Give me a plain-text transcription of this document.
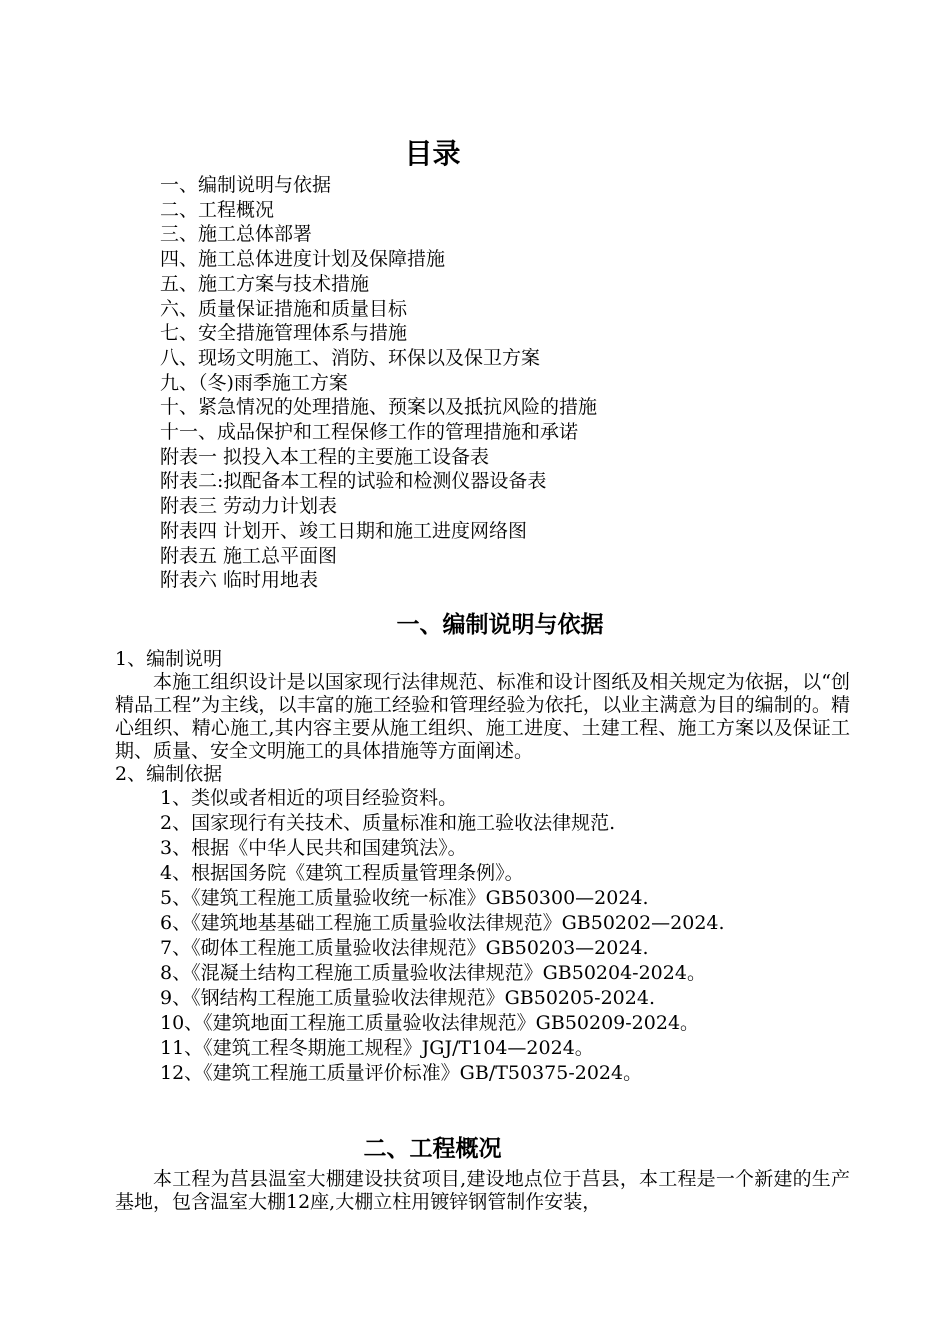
目录
一、编制说明与依据
二、工程概况
三、施工总体部署
四、施工总体进度计划及保障措施
五、施工方案与技术措施
六、质量保证措施和质量目标
七、安全措施管理体系与措施
八、现场文明施工、消防、环保以及保卫方案
九、（冬)雨季施工方案
十、紧急情况的处理措施、预案以及抵抗风险的措施
十一、成品保护和工程保修工作的管理措施和承诺
附表一 拟投入本工程的主要施工设备表
附表二:拟配备本工程的试验和检测仪器设备表
附表三 劳动力计划表
附表四 计划开、竣工日期和施工进度网络图
附表五 施工总平面图
附表六 临时用地表
一、编制说明与依据

1、编制说明

本施工组织设计是以国家现行法律规范、标准和设计图纸及相关规定为依据，以“创精品工程”为主线，以丰富的施工经验和管理经验为依托，以业主满意为目的编制的。精心组织、精心施工,其内容主要从施工组织、施工进度、土建工程、施工方案以及保证工期、质量、安全文明施工的具体措施等方面阐述。

2、编制依据

1、类似或者相近的项目经验资料。
2、国家现行有关技术、质量标准和施工验收法律规范.
3、根据《中华人民共和国建筑法》。
4、根据国务院《建筑工程质量管理条例》。
5、《建筑工程施工质量验收统一标准》GB50300—2024.
6、《建筑地基基础工程施工质量验收法律规范》GB50202—2024.
7、《砌体工程施工质量验收法律规范》GB50203—2024.
8、《混凝土结构工程施工质量验收法律规范》GB50204-2024。
9、《钢结构工程施工质量验收法律规范》GB50205-2024.
10、《建筑地面工程施工质量验收法律规范》GB50209-2024。
11、《建筑工程冬期施工规程》JGJ/T104—2024。
12、《建筑工程施工质量评价标准》GB/T50375-2024。
二、工程概况

本工程为莒县温室大棚建设扶贫项目,建设地点位于莒县，本工程是一个新建的生产基地，包含温室大棚12座,大棚立柱用镀锌钢管制作安装，
